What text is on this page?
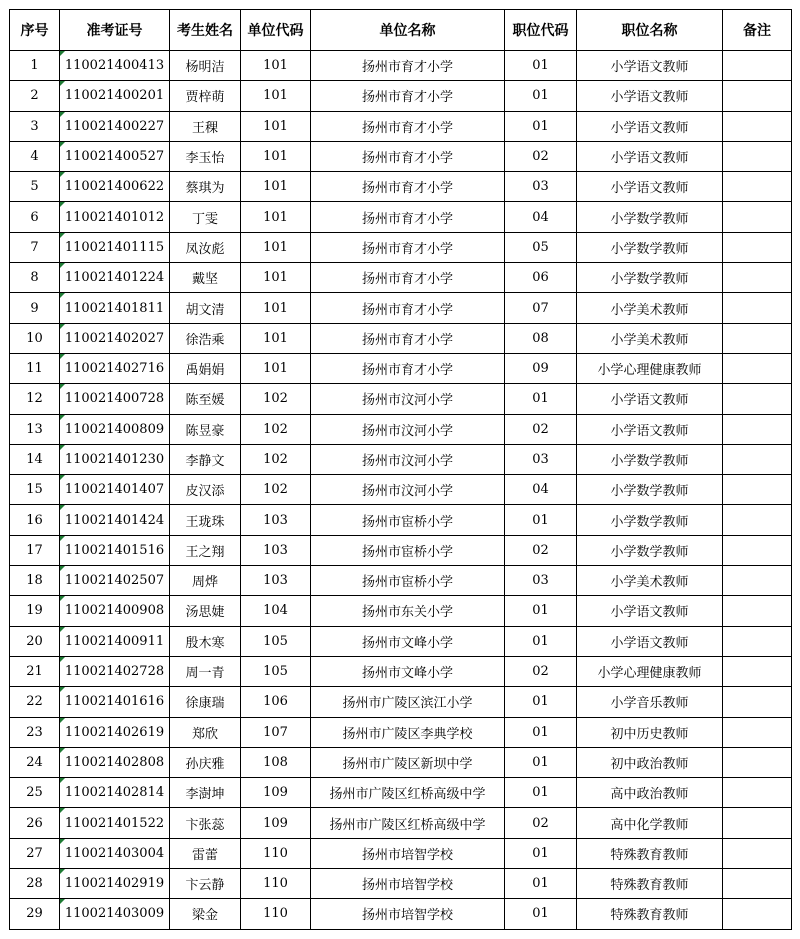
序号	准考证号	考生姓名	单位代码	单位名称	职位代码	职位名称	备注
1	110021400413	杨明洁	101	扬州市育才小学	01	小学语文教师	
2	110021400201	贾梓萌	101	扬州市育才小学	01	小学语文教师	
3	110021400227	王稞	101	扬州市育才小学	01	小学语文教师	
4	110021400527	李玉怡	101	扬州市育才小学	02	小学语文教师	
5	110021400622	蔡琪为	101	扬州市育才小学	03	小学语文教师	
6	110021401012	丁雯	101	扬州市育才小学	04	小学数学教师	
7	110021401115	凤汝彪	101	扬州市育才小学	05	小学数学教师	
8	110021401224	戴坚	101	扬州市育才小学	06	小学数学教师	
9	110021401811	胡文清	101	扬州市育才小学	07	小学美术教师	
10	110021402027	徐浩乘	101	扬州市育才小学	08	小学美术教师	
11	110021402716	禹娟娟	101	扬州市育才小学	09	小学心理健康教师	
12	110021400728	陈至媛	102	扬州市汶河小学	01	小学语文教师	
13	110021400809	陈昱豪	102	扬州市汶河小学	02	小学语文教师	
14	110021401230	李静文	102	扬州市汶河小学	03	小学数学教师	
15	110021401407	皮汉添	102	扬州市汶河小学	04	小学数学教师	
16	110021401424	王珑珠	103	扬州市宦桥小学	01	小学数学教师	
17	110021401516	王之翔	103	扬州市宦桥小学	02	小学数学教师	
18	110021402507	周烨	103	扬州市宦桥小学	03	小学美术教师	
19	110021400908	汤思婕	104	扬州市东关小学	01	小学语文教师	
20	110021400911	殷木寒	105	扬州市文峰小学	01	小学语文教师	
21	110021402728	周一青	105	扬州市文峰小学	02	小学心理健康教师	
22	110021401616	徐康瑞	106	扬州市广陵区滨江小学	01	小学音乐教师	
23	110021402619	郑欣	107	扬州市广陵区李典学校	01	初中历史教师	
24	110021402808	孙庆雅	108	扬州市广陵区新坝中学	01	初中政治教师	
25	110021402814	李澍坤	109	扬州市广陵区红桥高级中学	01	高中政治教师	
26	110021401522	卞张蕊	109	扬州市广陵区红桥高级中学	02	高中化学教师	
27	110021403004	雷蕾	110	扬州市培智学校	01	特殊教育教师	
28	110021402919	卞云静	110	扬州市培智学校	01	特殊教育教师	
29	110021403009	梁金	110	扬州市培智学校	01	特殊教育教师	
